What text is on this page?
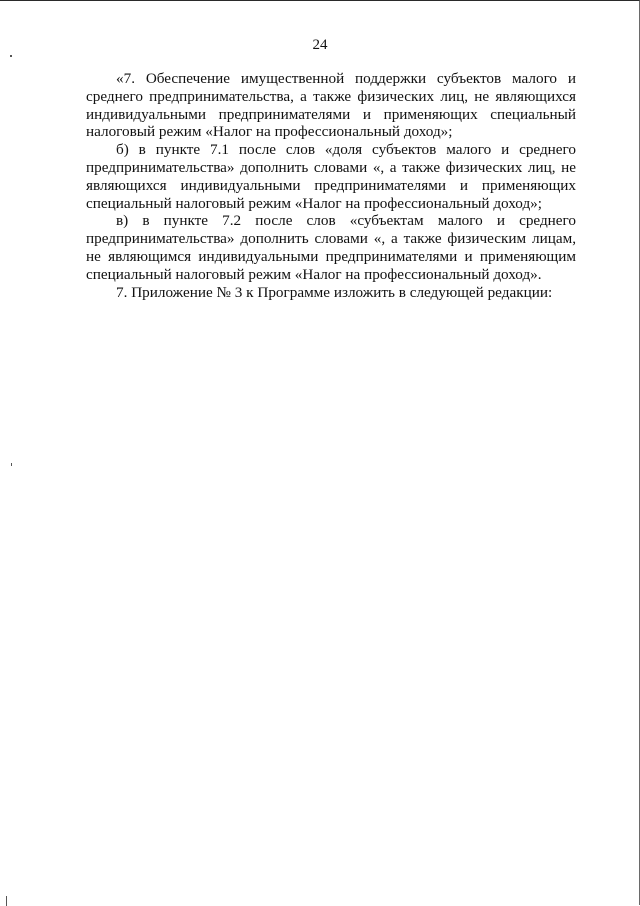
24

«7. Обеспечение имущественной поддержки субъектов малого и среднего предпринимательства, а также физических лиц, не являющихся индивидуальными предпринимателями и применяющих специальный налоговый режим «Налог на профессиональный доход»;

б) в пункте 7.1 после слов «доля субъектов малого и среднего предпринимательства» дополнить словами «, а также физических лиц, не являющихся индивидуальными предпринимателями и применяющих специальный налоговый режим «Налог на профессиональный доход»;

в) в пункте 7.2 после слов «субъектам малого и среднего предпринимательства» дополнить словами «, а также физическим лицам, не являющимся индивидуальными предпринимателями и применяющим специальный налоговый режим «Налог на профессиональный доход».

7. Приложение № 3 к Программе изложить в следующей редакции:
